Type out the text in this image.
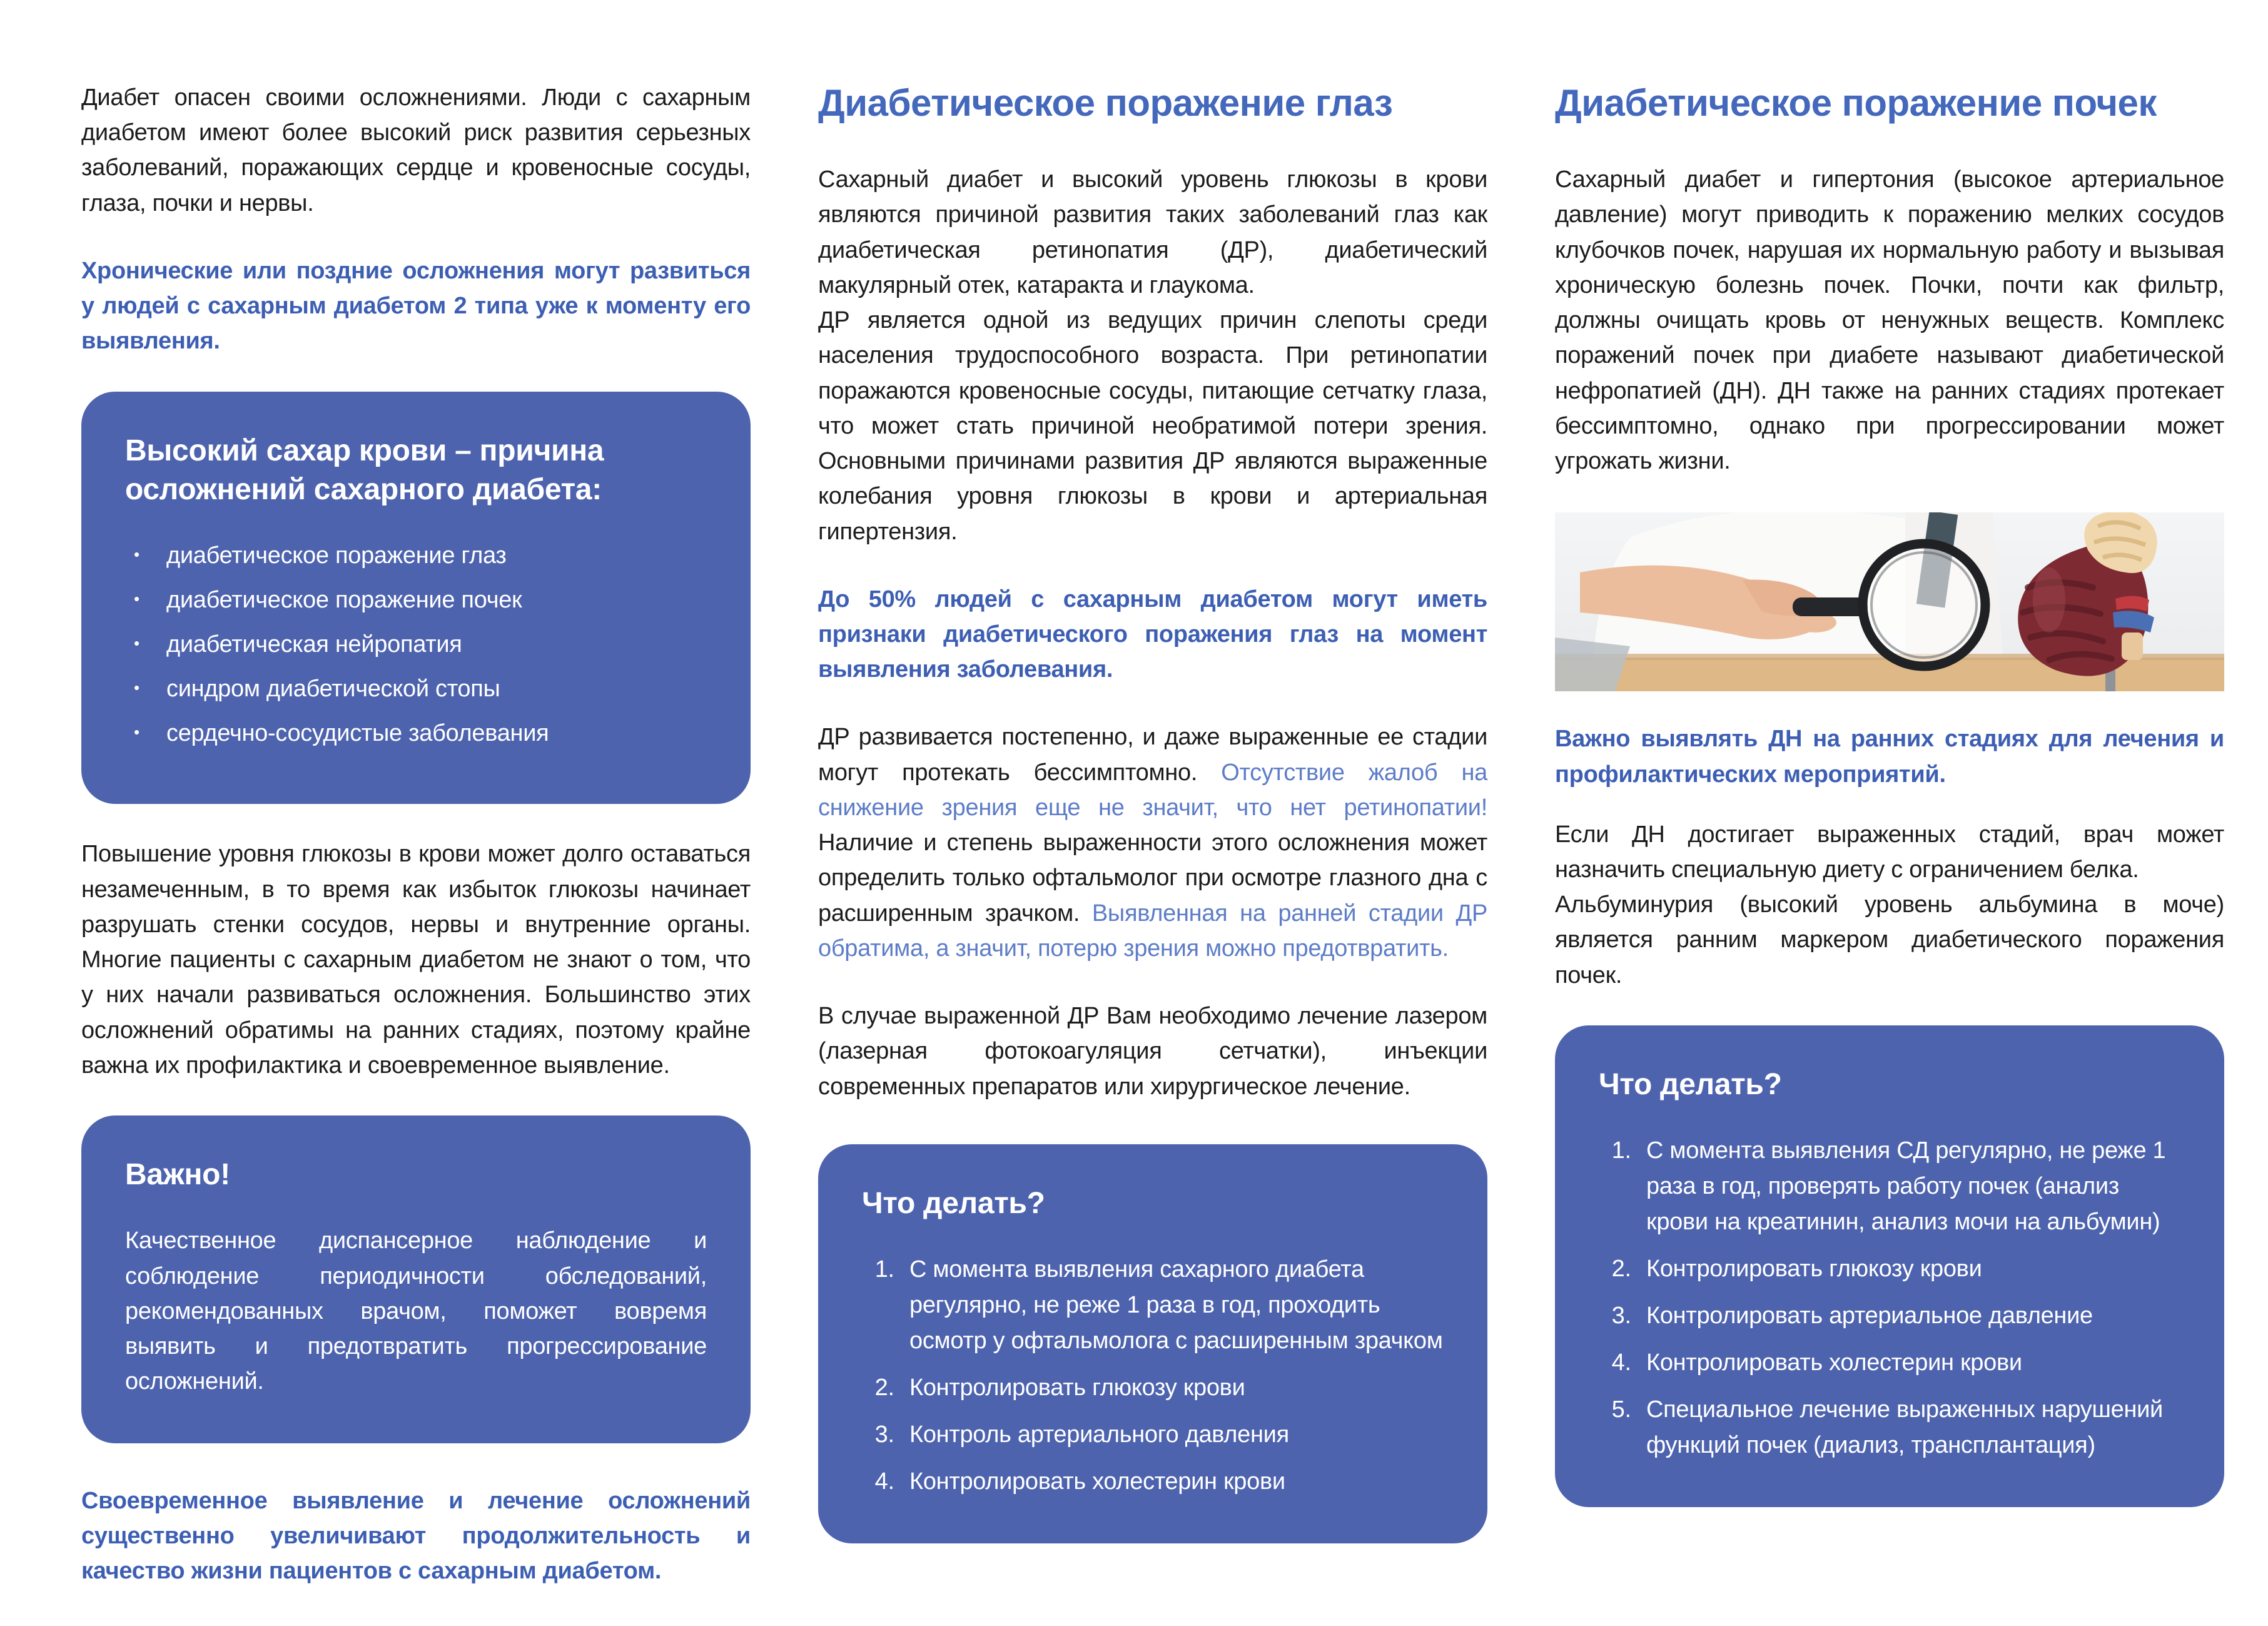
Диабет опасен своими осложнениями. Люди с сахарным диабетом имеют более высокий риск развития серьезных заболеваний, поражающих сердце и кровеносные сосуды, глаза, почки и нервы.

Хронические или поздние осложнения могут развиться у людей с сахарным диабетом 2 типа уже к моменту его выявления.

Высокий сахар крови – причина осложнений сахарного диабета:
• диабетическое поражение глаз
• диабетическое поражение почек
• диабетическая нейропатия
• синдром диабетической стопы
• сердечно-сосудистые заболевания

Повышение уровня глюкозы в крови может долго оставаться незамеченным, в то время как избыток глюкозы начинает разрушать стенки сосудов, нервы и внутренние органы. Многие пациенты с сахарным диабетом не знают о том, что у них начали развиваться осложнения. Большинство этих осложнений обратимы на ранних стадиях, поэтому крайне важна их профилактика и своевременное выявление.

Важно!

Качественное диспансерное наблюдение и соблюдение периодичности обследований, рекомендованных врачом, поможет вовремя выявить и предотвратить прогрессирование осложнений.

Своевременное выявление и лечение осложнений существенно увеличивают продолжительность и качество жизни пациентов с сахарным диабетом.

Диабетическое поражение глаз

Сахарный диабет и высокий уровень глюкозы в крови являются причиной развития таких заболеваний глаз как диабетическая ретинопатия (ДР), диабетический макулярный отек, катаракта и глаукома.

ДР является одной из ведущих причин слепоты среди населения трудоспособного возраста. При ретинопатии поражаются кровеносные сосуды, питающие сетчатку глаза, что может стать причиной необратимой потери зрения. Основными причинами развития ДР являются выраженные колебания уровня глюкозы в крови и артериальная гипертензия.

До 50% людей с сахарным диабетом могут иметь признаки диабетического поражения глаз на момент выявления заболевания.

ДР развивается постепенно, и даже выраженные ее стадии могут протекать бессимптомно. Отсутствие жалоб на снижение зрения еще не значит, что нет ретинопатии! Наличие и степень выраженности этого осложнения может определить только офтальмолог при осмотре глазного дна с расширенным зрачком. Выявленная на ранней стадии ДР обратима, а значит, потерю зрения можно предотвратить.

В случае выраженной ДР Вам необходимо лечение лазером (лазерная фотокоагуляция сетчатки), инъекции современных препаратов или хирургическое лечение.

Что делать?
1. С момента выявления сахарного диабета регулярно, не реже 1 раза в год, проходить осмотр у офтальмолога с расширенным зрачком
2. Контролировать глюкозу крови
3. Контроль артериального давления
4. Контролировать холестерин крови
Диабетическое поражение почек

Сахарный диабет и гипертония (высокое артериальное давление) могут приводить к поражению мелких сосудов клубочков почек, нарушая их нормальную работу и вызывая хроническую болезнь почек. Почки, почти как фильтр, должны очищать кровь от ненужных веществ. Комплекс поражений почек при диабете называют диабетической нефропатией (ДН). ДН также на ранних стадиях протекает бессимптомно, однако при прогрессировании может угрожать жизни.

Важно выявлять ДН на ранних стадиях для лечения и профилактических мероприятий.

Если ДН достигает выраженных стадий, врач может назначить специальную диету с ограничением белка.

Альбуминурия (высокий уровень альбумина в моче) является ранним маркером диабетического поражения почек.

Что делать?
1. С момента выявления СД регулярно, не реже 1 раза в год, проверять работу почек (анализ крови на креатинин, анализ мочи на альбумин)
2. Контролировать глюкозу крови
3. Контролировать артериальное давление
4. Контролировать холестерин крови
5. Специальное лечение выраженных нарушений функций почек (диализ, трансплантация)
